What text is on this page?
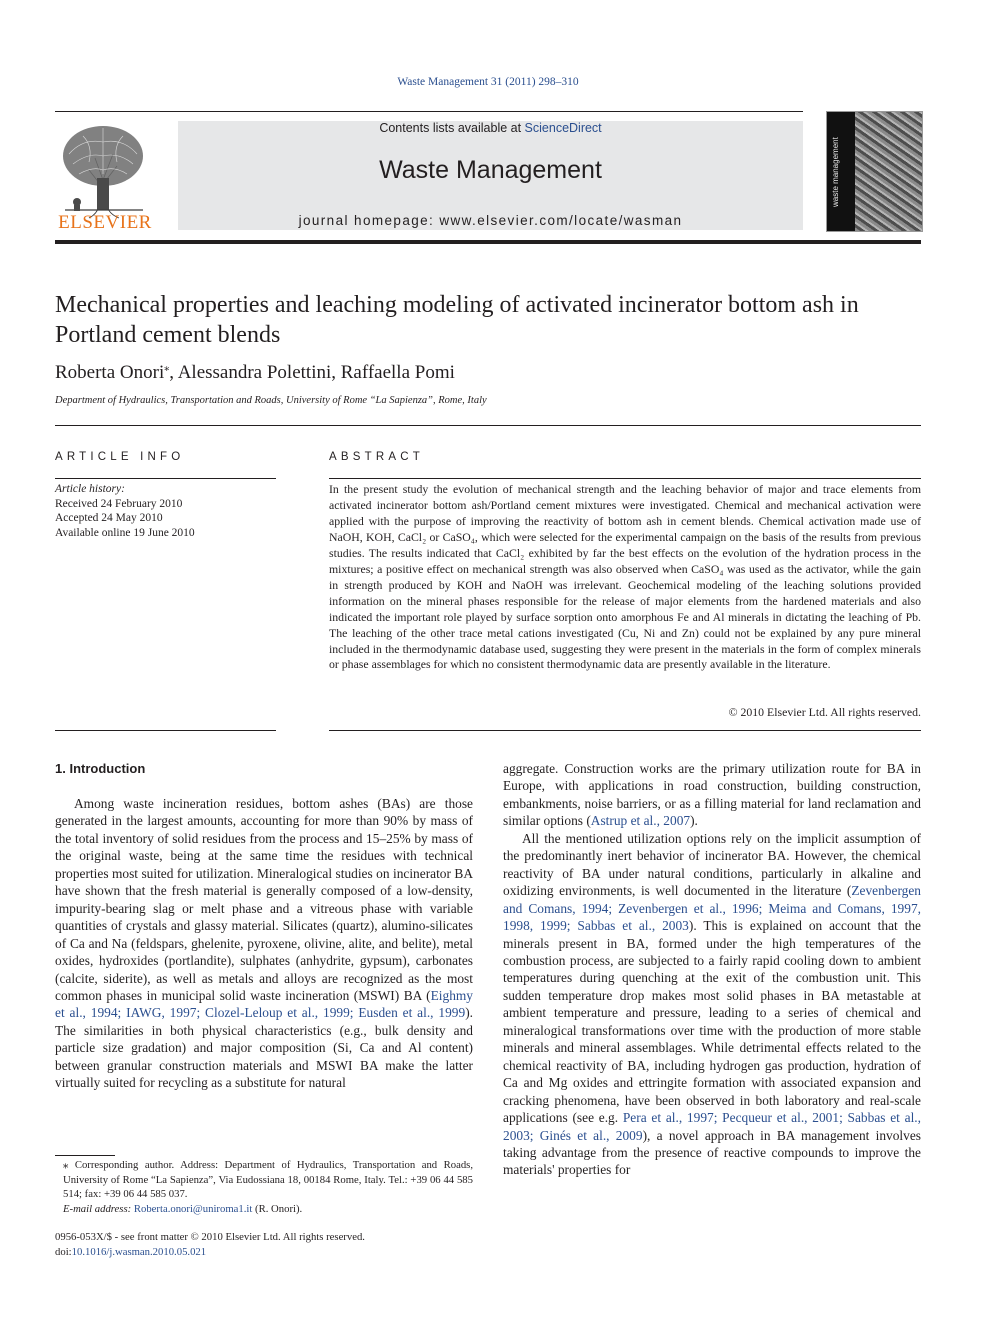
Waste Management 31 (2011) 298–310
ELSEVIER
Contents lists available at ScienceDirect
Waste Management
journal homepage: www.elsevier.com/locate/wasman
waste management
Mechanical properties and leaching modeling of activated incinerator bottom ash in Portland cement blends
Roberta Onori⁎, Alessandra Polettini, Raffaella Pomi
Department of Hydraulics, Transportation and Roads, University of Rome “La Sapienza”, Rome, Italy
ARTICLE INFO	ABSTRACT
Article history:
Received 24 February 2010
Accepted 24 May 2010
Available online 19 June 2010
In the present study the evolution of mechanical strength and the leaching behavior of major and trace elements from activated incinerator bottom ash/Portland cement mixtures were investigated. Chemical and mechanical activation were applied with the purpose of improving the reactivity of bottom ash in cement blends. Chemical activation made use of NaOH, KOH, CaCl₂ or CaSO₄, which were selected for the experimental campaign on the basis of the results from previous studies. The results indicated that CaCl₂ exhibited by far the best effects on the evolution of the hydration process in the mixtures; a positive effect on mechanical strength was also observed when CaSO₄ was used as the activator, while the gain in strength produced by KOH and NaOH was irrelevant. Geochemical modeling of the leaching solutions provided information on the mineral phases responsible for the release of major elements from the hardened materials and also indicated the important role played by surface sorption onto amorphous Fe and Al minerals in dictating the leaching of Pb. The leaching of the other trace metal cations investigated (Cu, Ni and Zn) could not be explained by any pure mineral included in the thermodynamic database used, suggesting they were present in the materials in the form of complex minerals or phase assemblages for which no consistent thermodynamic data are presently available in the literature.
© 2010 Elsevier Ltd. All rights reserved.
1. Introduction

Among waste incineration residues, bottom ashes (BAs) are those generated in the largest amounts, accounting for more than 90% by mass of the total inventory of solid residues from the process and 15–25% by mass of the original waste, being at the same time the residues with technical properties most suited for utilization. Mineralogical studies on incinerator BA have shown that the fresh material is generally composed of a low-density, impurity-bearing slag or melt phase and a vitreous phase with variable quantities of crystals and glassy material. Silicates (quartz), alumino-silicates of Ca and Na (feldspars, ghelenite, pyroxene, olivine, alite, and belite), metal oxides, hydroxides (portlandite), sulphates (anhydrite, gypsum), carbonates (calcite, siderite), as well as metals and alloys are recognized as the most common phases in municipal solid waste incineration (MSWI) BA (Eighmy et al., 1994; IAWG, 1997; Clozel-Leloup et al., 1999; Eusden et al., 1999). The similarities in both physical characteristics (e.g., bulk density and particle size gradation) and major composition (Si, Ca and Al content) between granular construction materials and MSWI BA make the latter virtually suited for recycling as a substitute for natural

aggregate. Construction works are the primary utilization route for BA in Europe, with applications in road construction, building construction, embankments, noise barriers, or as a filling material for land reclamation and similar options (Astrup et al., 2007).

All the mentioned utilization options rely on the implicit assumption of the predominantly inert behavior of incinerator BA. However, the chemical reactivity of BA under natural conditions, particularly in alkaline and oxidizing environments, is well documented in the literature (Zevenbergen and Comans, 1994; Zevenbergen et al., 1996; Meima and Comans, 1997, 1998, 1999; Sabbas et al., 2003). This is explained on account that the minerals present in BA, formed under the high temperatures of the combustion process, are subjected to a fairly rapid cooling down to ambient temperatures during quenching at the exit of the combustion unit. This sudden temperature drop makes most solid phases in BA metastable at ambient temperature and pressure, leading to a series of chemical and mineralogical transformations over time with the production of more stable minerals and mineral assemblages. While detrimental effects related to the chemical reactivity of BA, including hydrogen gas production, hydration of Ca and Mg oxides and ettringite formation with associated expansion and cracking phenomena, have been observed in both laboratory and real-scale applications (see e.g. Pera et al., 1997; Pecqueur et al., 2001; Sabbas et al., 2003; Ginés et al., 2009), a novel approach in BA management involves taking advantage from the presence of reactive compounds to improve the materials' properties for

⁎ Corresponding author. Address: Department of Hydraulics, Transportation and Roads, University of Rome “La Sapienza”, Via Eudossiana 18, 00184 Rome, Italy. Tel.: +39 06 44 585 514; fax: +39 06 44 585 037.
E-mail address: Roberta.onori@uniroma1.it (R. Onori).
0956-053X/$ - see front matter © 2010 Elsevier Ltd. All rights reserved.
doi:10.1016/j.wasman.2010.05.021
